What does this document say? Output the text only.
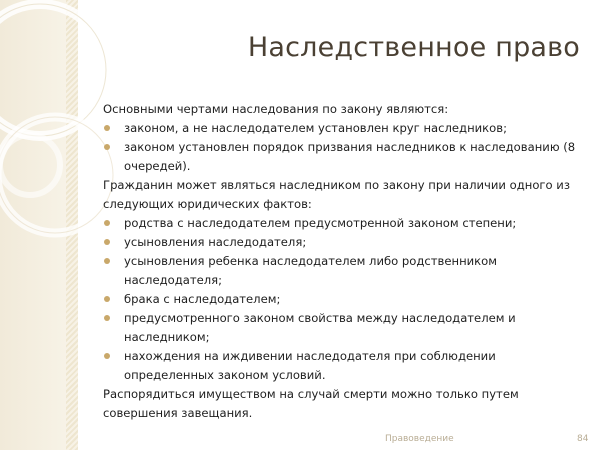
Наследственное право

Основными чертами наследования по закону являются:

законом, а не наследодателем установлен круг наследников;

законом установлен порядок призвания наследников к наследованию (8 очередей).

Гражданин может являться наследником по закону при наличии одного из следующих юридических фактов:

родства с наследодателем предусмотренной законом степени;

усыновления наследодателя;

усыновления ребенка наследодателем либо родственником наследодателя;

брака с наследодателем;

предусмотренного законом свойства между наследодателем и наследником;

нахождения на иждивении наследодателя при соблюдении определенных законом условий.

Распорядиться имуществом на случай смерти можно только путем совершения завещания.

Правоведение	84
